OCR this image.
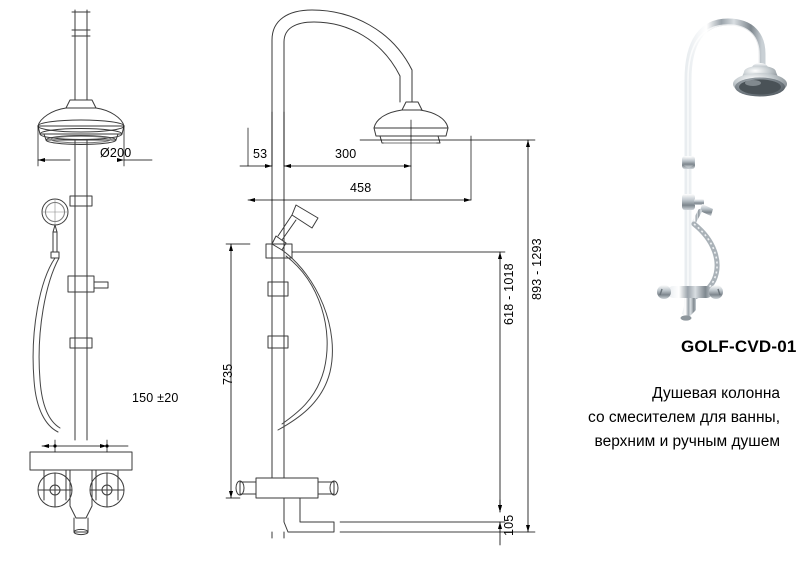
Ø200
150 ±20
53	300
458
893 - 1293
618 - 1018
735
105
GOLF-CVD-01
Душевая колонна
со смесителем для ванны,
верхним и ручным душем
